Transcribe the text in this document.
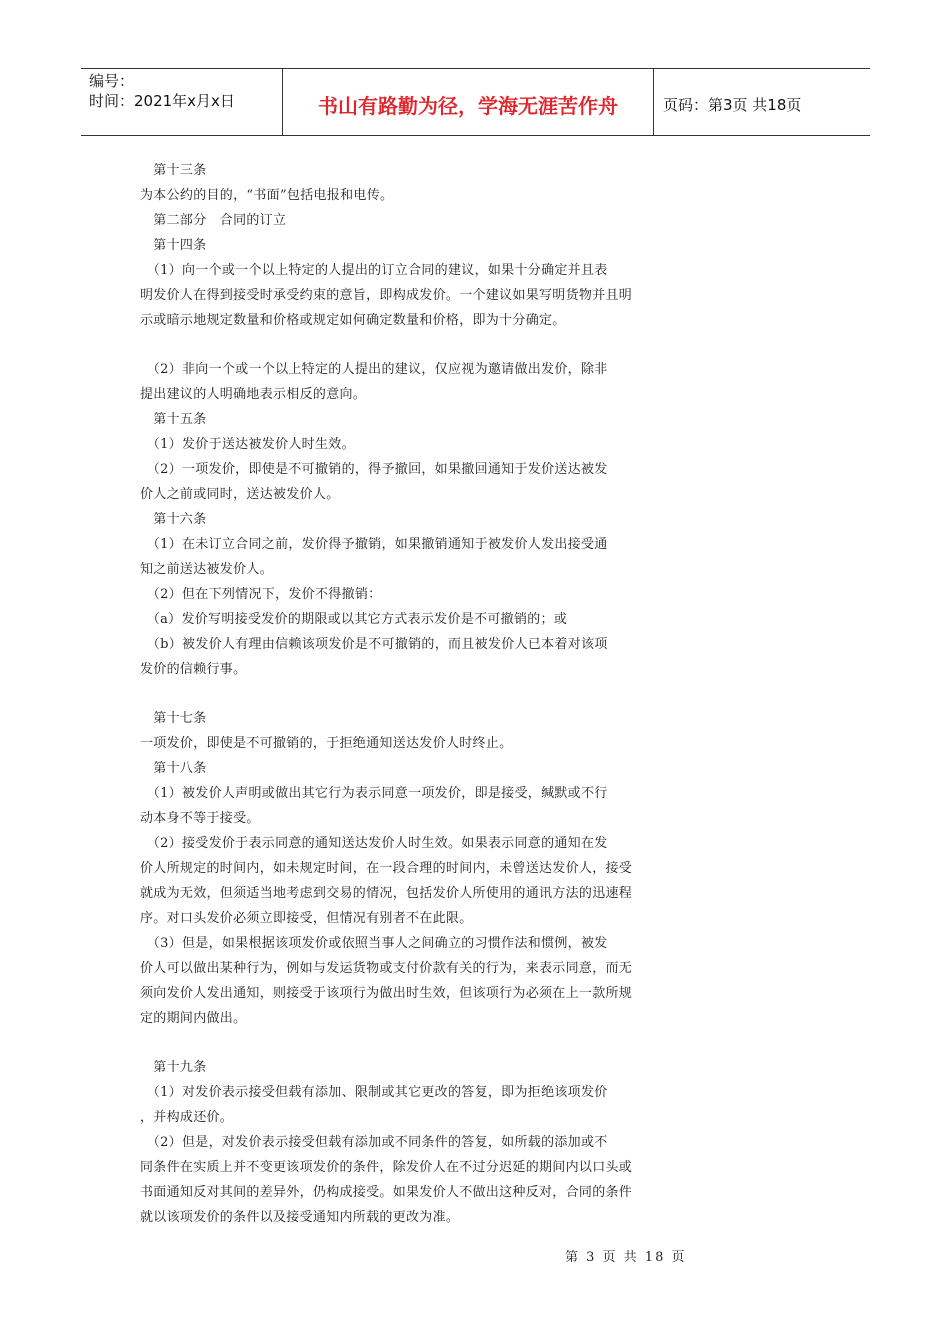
编号：
时间：2021年x月x日	书山有路勤为径，学海无涯苦作舟	页码：第3页 共18页
　第十三条
为本公约的目的，“书面”包括电报和电传。
　第二部分　合同的订立
　第十四条
　（1）向一个或一个以上特定的人提出的订立合同的建议，如果十分确定并且表
明发价人在得到接受时承受约束的意旨，即构成发价。一个建议如果写明货物并且明
示或暗示地规定数量和价格或规定如何确定数量和价格，即为十分确定。
　（2）非向一个或一个以上特定的人提出的建议，仅应视为邀请做出发价，除非
提出建议的人明确地表示相反的意向。
　第十五条
　（1）发价于送达被发价人时生效。
　（2）一项发价，即使是不可撤销的，得予撤回，如果撤回通知于发价送达被发
价人之前或同时，送达被发价人。
　第十六条
　（1）在未订立合同之前，发价得予撤销，如果撤销通知于被发价人发出接受通
知之前送达被发价人。
　（2）但在下列情况下，发价不得撤销：
　（a）发价写明接受发价的期限或以其它方式表示发价是不可撤销的；或
　（b）被发价人有理由信赖该项发价是不可撤销的，而且被发价人已本着对该项
发价的信赖行事。
　第十七条
一项发价，即使是不可撤销的，于拒绝通知送达发价人时终止。
　第十八条
　（1）被发价人声明或做出其它行为表示同意一项发价，即是接受，缄默或不行
动本身不等于接受。
　（2）接受发价于表示同意的通知送达发价人时生效。如果表示同意的通知在发
价人所规定的时间内，如未规定时间，在一段合理的时间内，未曾送达发价人，接受
就成为无效，但须适当地考虑到交易的情况，包括发价人所使用的通讯方法的迅速程
序。对口头发价必须立即接受，但情况有别者不在此限。
　（3）但是，如果根据该项发价或依照当事人之间确立的习惯作法和惯例，被发
价人可以做出某种行为，例如与发运货物或支付价款有关的行为，来表示同意，而无
须向发价人发出通知，则接受于该项行为做出时生效，但该项行为必须在上一款所规
定的期间内做出。
　第十九条
　（1）对发价表示接受但载有添加、限制或其它更改的答复，即为拒绝该项发价
，并构成还价。
　（2）但是，对发价表示接受但载有添加或不同条件的答复，如所载的添加或不
同条件在实质上并不变更该项发价的条件，除发价人在不过分迟延的期间内以口头或
书面通知反对其间的差异外，仍构成接受。如果发价人不做出这种反对，合同的条件
就以该项发价的条件以及接受通知内所载的更改为准。
第 3 页 共 18 页
